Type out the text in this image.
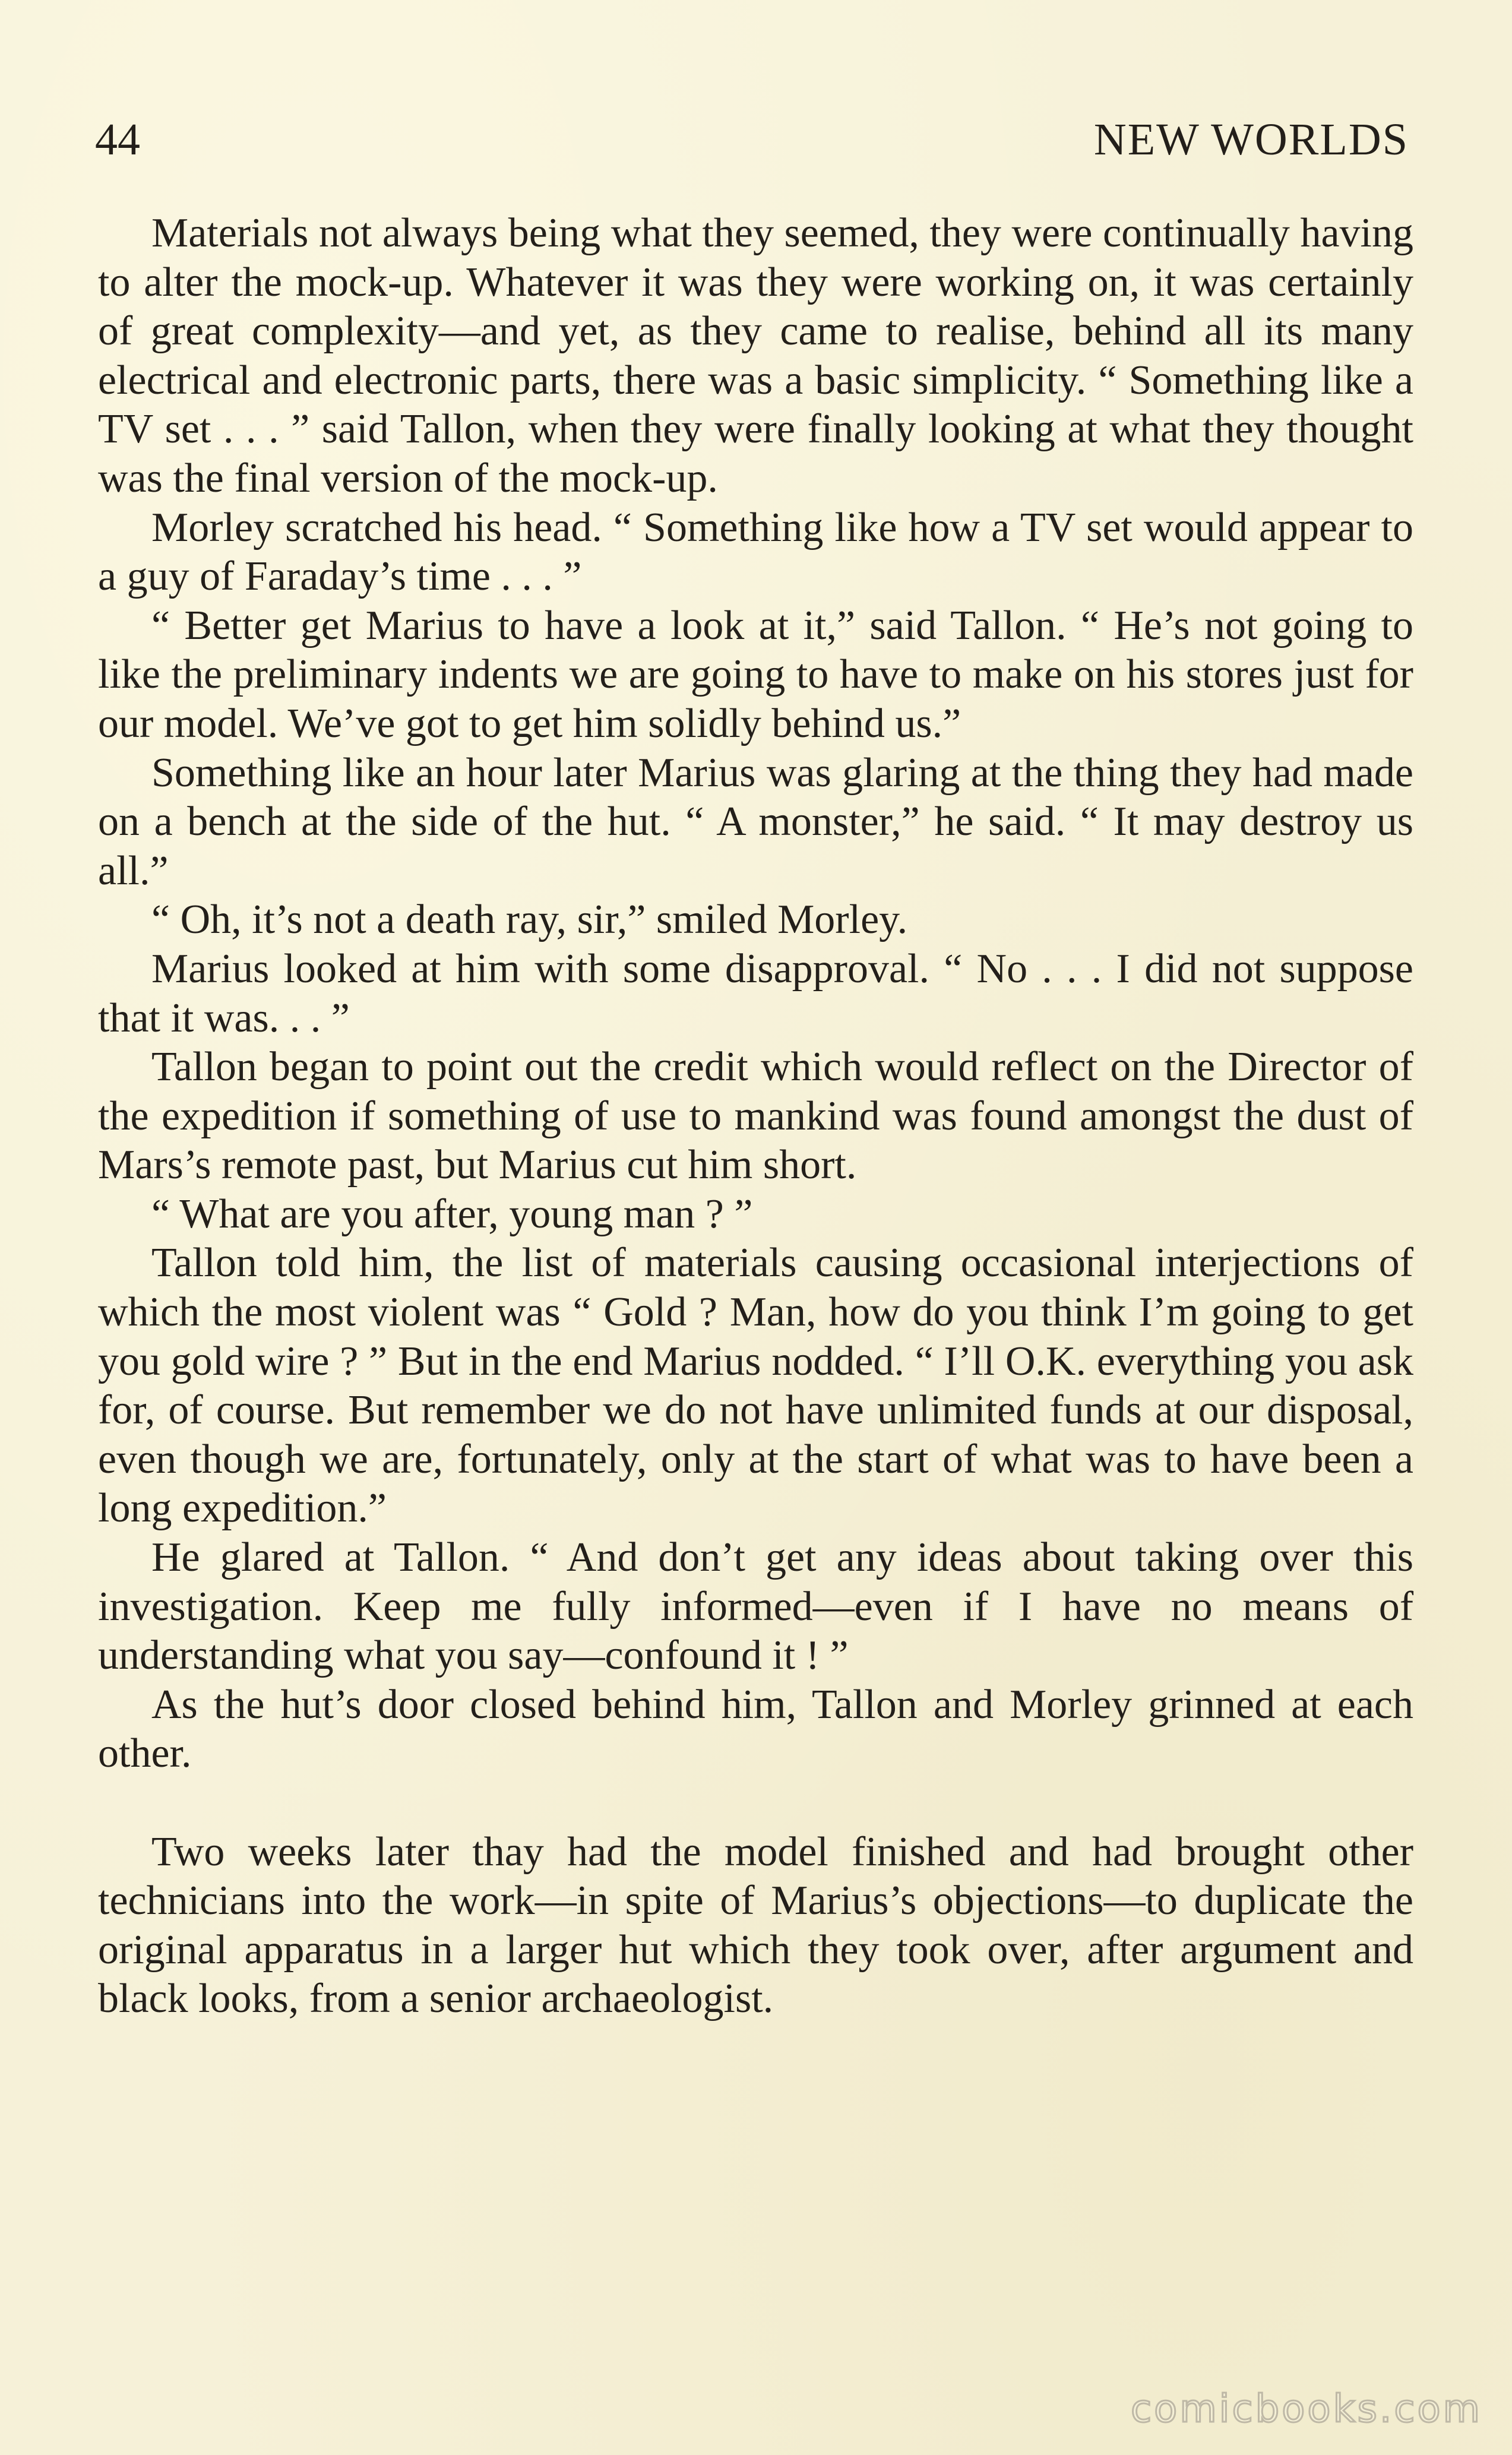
44	NEW WORLDS

Materials not always being what they seemed, they were continually having to alter the mock-up. Whatever it was they were working on, it was certainly of great complexity—and yet, as they came to realise, behind all its many electrical and electronic parts, there was a basic simplicity. “ Something like a TV set . . . ” said Tallon, when they were finally looking at what they thought was the final version of the mock-up.

Morley scratched his head. “ Something like how a TV set would appear to a guy of Faraday’s time . . . ”

“ Better get Marius to have a look at it,” said Tallon. “ He’s not going to like the preliminary indents we are going to have to make on his stores just for our model. We’ve got to get him solidly behind us.”

Something like an hour later Marius was glaring at the thing they had made on a bench at the side of the hut. “ A monster,” he said. “ It may destroy us all.”

“ Oh, it’s not a death ray, sir,” smiled Morley.

Marius looked at him with some disapproval. “ No . . . I did not suppose that it was. . . ”

Tallon began to point out the credit which would reflect on the Director of the expedition if something of use to mankind was found amongst the dust of Mars’s remote past, but Marius cut him short.

“ What are you after, young man ? ”

Tallon told him, the list of materials causing occasional interjections of which the most violent was “ Gold ? Man, how do you think I’m going to get you gold wire ? ” But in the end Marius nodded. “ I’ll O.K. everything you ask for, of course. But remember we do not have unlimited funds at our disposal, even though we are, fortunately, only at the start of what was to have been a long expedition.”

He glared at Tallon. “ And don’t get any ideas about taking over this investigation. Keep me fully informed—even if I have no means of understanding what you say—confound it ! ”

As the hut’s door closed behind him, Tallon and Morley grinned at each other.

Two weeks later thay had the model finished and had brought other technicians into the work—in spite of Marius’s objections—to duplicate the original apparatus in a larger hut which they took over, after argument and black looks, from a senior archaeologist.

comicbooks.com
